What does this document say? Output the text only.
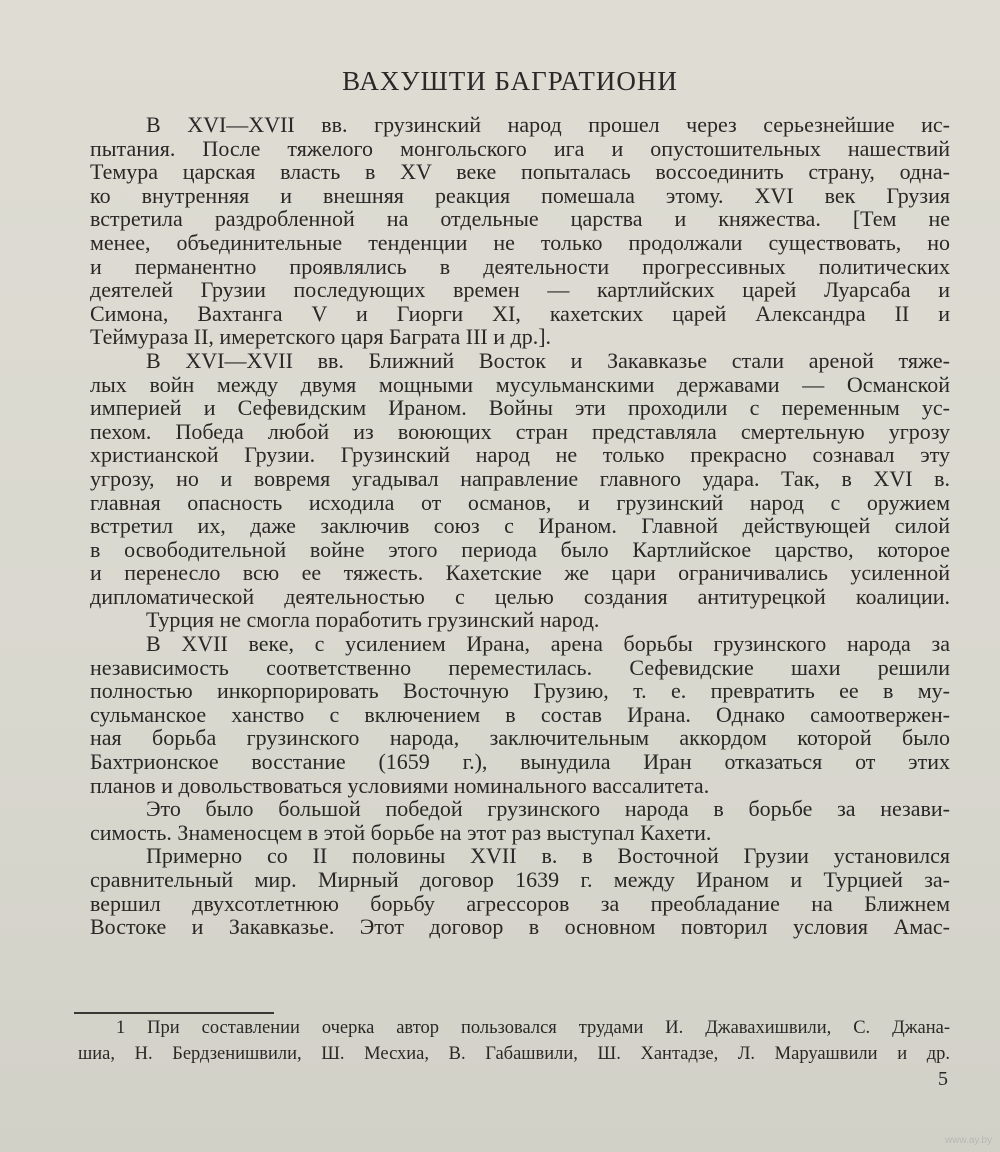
ВАХУШТИ БАГРАТИОНИ
В XVI—XVII вв. грузинский народ прошел через серьезнейшие ис-
пытания. После тяжелого монгольского ига и опустошительных нашествий
Темура царская власть в XV веке попыталась воссоединить страну, одна-
ко внутренняя и внешняя реакция помешала этому. XVI век Грузия
встретила раздробленной на отдельные царства и княжества. [Тем не
менее, объединительные тенденции не только продолжали существовать, но
и перманентно проявлялись в деятельности прогрессивных политических
деятелей Грузии последующих времен — картлийских царей Луарсаба и
Симона, Вахтанга V и Гиорги XI, кахетских царей Александра II и
Теймураза II, имеретского царя Баграта III и др.].
В XVI—XVII вв. Ближний Восток и Закавказье стали ареной тяже-
лых войн между двумя мощными мусульманскими державами — Османской
империей и Сефевидским Ираном. Войны эти проходили с переменным ус-
пехом. Победа любой из воюющих стран представляла смертельную угрозу
христианской Грузии. Грузинский народ не только прекрасно сознавал эту
угрозу, но и вовремя угадывал направление главного удара. Так, в XVI в.
главная опасность исходила от османов, и грузинский народ с оружием
встретил их, даже заключив союз с Ираном. Главной действующей силой
в освободительной войне этого периода было Картлийское царство, которое
и перенесло всю ее тяжесть. Кахетские же цари ограничивались усиленной
дипломатической деятельностью с целью создания антитурецкой коалиции.
Турция не смогла поработить грузинский народ.
В XVII веке, с усилением Ирана, арена борьбы грузинского народа за
независимость соответственно переместилась. Сефевидские шахи решили
полностью инкорпорировать Восточную Грузию, т. е. превратить ее в му-
сульманское ханство с включением в состав Ирана. Однако самоотвержен-
ная борьба грузинского народа, заключительным аккордом которой было
Бахтрионское восстание (1659 г.), вынудила Иран отказаться от этих
планов и довольствоваться условиями номинального вассалитета.
Это было большой победой грузинского народа в борьбе за незави-
симость. Знаменосцем в этой борьбе на этот раз выступал Кахети.
Примерно со II половины XVII в. в Восточной Грузии установился
сравнительный мир. Мирный договор 1639 г. между Ираном и Турцией за-
вершил двухсотлетнюю борьбу агрессоров за преобладание на Ближнем
Востоке и Закавказье. Этот договор в основном повторил условия Амас-
1 При составлении очерка автор пользовался трудами И. Джавахишвили, С. Джана-
шиа, Н. Бердзенишвили, Ш. Месхиа, В. Габашвили, Ш. Хантадзе, Л. Маруашвили и др.
5
www.ay.by
